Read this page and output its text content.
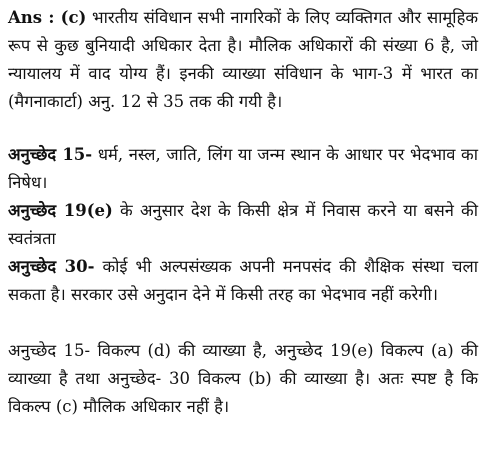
Ans : (c) भारतीय संविधान सभी नागरिकों के लिए व्यक्तिगत और सामूहिक रूप से कुछ बुनियादी अधिकार देता है। मौलिक अधिकारों की संख्या 6 है, जो न्यायालय में वाद योग्य हैं। इनकी व्याख्या संविधान के भाग-3 में भारत का (मैगनाकार्टा) अनु. 12 से 35 तक की गयी है।

अनुच्छेद 15- धर्म, नस्ल, जाति, लिंग या जन्म स्थान के आधार पर भेदभाव का निषेध।

अनुच्छेद 19(e) के अनुसार देश के किसी क्षेत्र में निवास करने या बसने की स्वतंत्रता

अनुच्छेद 30- कोई भी अल्पसंख्यक अपनी मनपसंद की शैक्षिक संस्था चला सकता है। सरकार उसे अनुदान देने में किसी तरह का भेदभाव नहीं करेगी।

अनुच्छेद 15- विकल्प (d) की व्याख्या है, अनुच्छेद 19(e) विकल्प (a) की व्याख्या है तथा अनुच्छेद- 30 विकल्प (b) की व्याख्या है। अतः स्पष्ट है कि विकल्प (c) मौलिक अधिकार नहीं है।
